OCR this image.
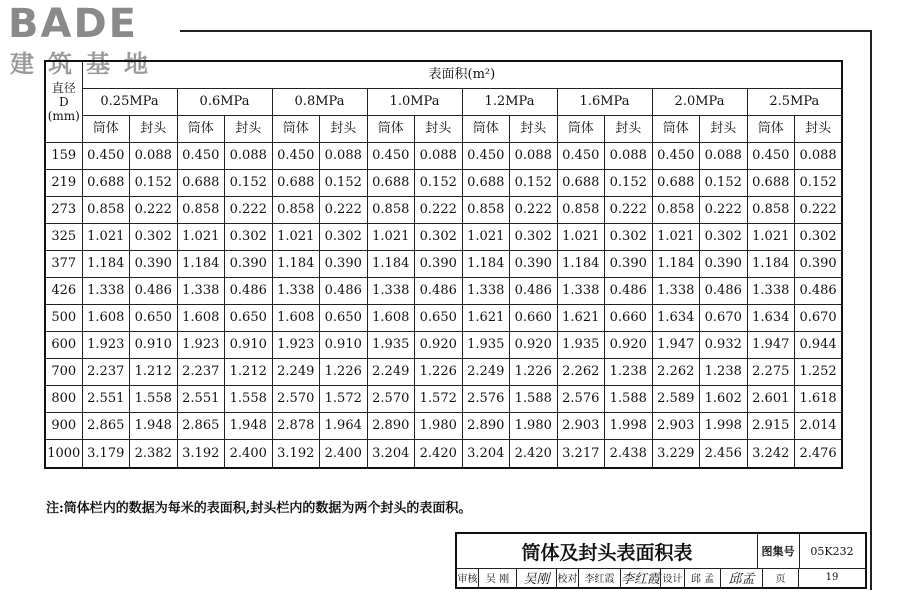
BADE
建筑基地
直径
D
(mm)	表面积(m²)															
	0.25MPa		0.6MPa		0.8MPa		1.0MPa		1.2MPa		1.6MPa		2.0MPa		2.5MPa	
	筒体	封头	筒体	封头	筒体	封头	筒体	封头	筒体	封头	筒体	封头	筒体	封头	筒体	封头
159	0.450	0.088	0.450	0.088	0.450	0.088	0.450	0.088	0.450	0.088	0.450	0.088	0.450	0.088	0.450	0.088
219	0.688	0.152	0.688	0.152	0.688	0.152	0.688	0.152	0.688	0.152	0.688	0.152	0.688	0.152	0.688	0.152
273	0.858	0.222	0.858	0.222	0.858	0.222	0.858	0.222	0.858	0.222	0.858	0.222	0.858	0.222	0.858	0.222
325	1.021	0.302	1.021	0.302	1.021	0.302	1.021	0.302	1.021	0.302	1.021	0.302	1.021	0.302	1.021	0.302
377	1.184	0.390	1.184	0.390	1.184	0.390	1.184	0.390	1.184	0.390	1.184	0.390	1.184	0.390	1.184	0.390
426	1.338	0.486	1.338	0.486	1.338	0.486	1.338	0.486	1.338	0.486	1.338	0.486	1.338	0.486	1.338	0.486
500	1.608	0.650	1.608	0.650	1.608	0.650	1.608	0.650	1.621	0.660	1.621	0.660	1.634	0.670	1.634	0.670
600	1.923	0.910	1.923	0.910	1.923	0.910	1.935	0.920	1.935	0.920	1.935	0.920	1.947	0.932	1.947	0.944
700	2.237	1.212	2.237	1.212	2.249	1.226	2.249	1.226	2.249	1.226	2.262	1.238	2.262	1.238	2.275	1.252
800	2.551	1.558	2.551	1.558	2.570	1.572	2.570	1.572	2.576	1.588	2.576	1.588	2.589	1.602	2.601	1.618
900	2.865	1.948	2.865	1.948	2.878	1.964	2.890	1.980	2.890	1.980	2.903	1.998	2.903	1.998	2.915	2.014
1000	3.179	2.382	3.192	2.400	3.192	2.400	3.204	2.420	3.204	2.420	3.217	2.438	3.229	2.456	3.242	2.476
注:筒体栏内的数据为每米的表面积,封头栏内的数据为两个封头的表面积。
筒体及封头表面积表	图集号	05K232
审核 吴 刚	吴刚 校对 李红霞 李红霞 设计 邱 孟	邱孟	页	19
